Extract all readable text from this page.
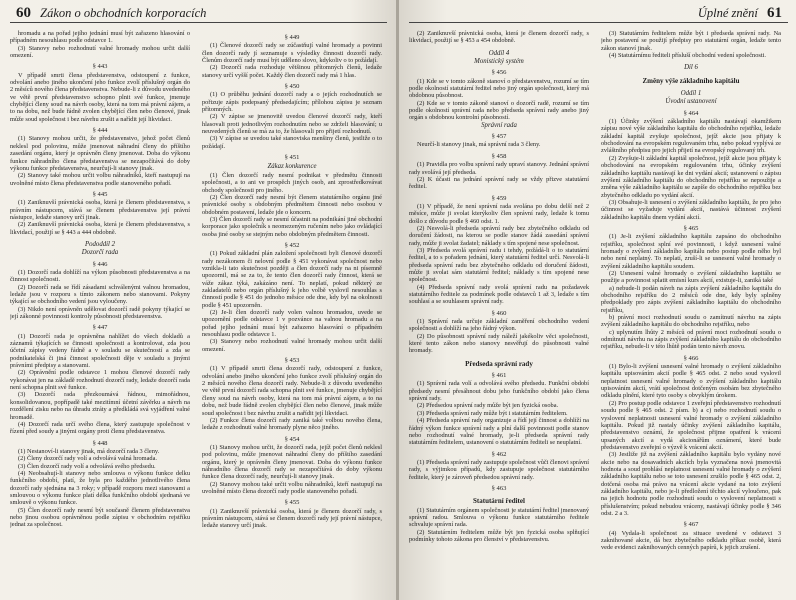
60 Zákon o obchodních korporacích

hromadu a na pořad jejího jednání musí být zařazeno hlasování o případném nesouhlasu podle odstavce 1.

(3) Stanovy nebo rozhodnutí valné hromady mohou určit další omezení.

§ 443

V případě smrti člena představenstva, odstoupení z funkce, odvolání anebo jiného ukončení jeho funkce zvolí příslušný orgán do 2 měsíců nového člena představenstva. Nebude-li z důvodu uvedeného ve větě první představenstvo schopno plnit své funkce, jmenuje chybějící členy soud na návrh osoby, která na tom má právní zájem, a to na dobu, než bude řádně zvolen chybějící člen nebo členové, jinak může soud společnost i bez návrhu zrušit a nařídit její likvidaci.

§ 444

(1) Stanovy mohou určit, že představenstvo, jehož počet členů neklesl pod polovinu, může jmenovat náhradní členy do příštího zasedání orgánu, který je oprávněn členy jmenovat. Doba do výkonu funkce náhradního člena představenstva se nezapočítává do doby výkonu funkce představenstva, neurčují-li stanovy jinak.

(2) Stanovy také mohou určit volbu náhradníků, kteří nastupují na uvolněné místo člena představenstva podle stanoveného pořadí.

§ 445

(1) Zaniknuvší právnická osoba, která je členem představenstva, s právním nástupcem, stává se členem představenstva její právní nástupce, ledaže stanovy určí jinak.

(2) Zaniknuvší právnická osoba, která je členem představenstva, s likvidací, použijí se § 443 a 444 obdobně.

Pododdíl 2

Dozorčí rada

§ 446

(1) Dozorčí rada dohlíží na výkon působnosti představenstva a na činnost společnosti.

(2) Dozorčí rada se řídí zásadami schválenými valnou hromadou, ledaže jsou v rozporu s tímto zákonem nebo stanovami. Pokyny týkající se obchodního vedení jsou vyloučeny.

(3) Nikdo není oprávněn udělovat dozorčí radě pokyny týkající se její zákonné povinnosti kontroly působnosti představenstva.

§ 447

(1) Dozorčí rada je oprávněna nahlížet do všech dokladů a záznamů týkajících se činnosti společnosti a kontrolovat, zda jsou účetní zápisy vedeny řádně a v souladu se skutečností a zda se podnikatelská či jiná činnost společnosti děje v souladu s jinými právními předpisy a stanovami.

(2) Oprávnění podle odstavce 1 mohou členové dozorčí rady vykonávat jen na základě rozhodnutí dozorčí rady, ledaže dozorčí rada není schopna plnit své funkce.

(3) Dozorčí rada přezkoumává řádnou, mimořádnou, konsolidovanou, popřípadě také mezitímní účetní závěrku a návrh na rozdělení zisku nebo na úhradu ztráty a předkládá svá vyjádření valné hromadě.

(4) Dozorčí rada určí svého člena, který zastupuje společnost v řízení před soudy a jinými orgány proti členu představenstva.

§ 448

(1) Nestanoví-li stanovy jinak, má dozorčí rada 3 členy.

(2) Členy dozorčí rady volí a odvolává valná hromada.

(3) Člen dozorčí rady volí a odvolává svého předsedu.

(4) Neobsahují-li stanovy nebo smlouva o výkonu funkce delku funkčního období, platí, že byla pro každého jednotlivého člena dozorčí rady sjednána na 3 roky; v případě rozporu mezi stanovami a smlouvou o výkonu funkce platí délka funkčního období sjednaná ve smlouvě o výkonu funkce.

(5) Člen dozorčí rady nesmí být současně členem představenstva nebo jinou osobou oprávněnou podle zápisu v obchodním rejstříku jednat za společnost.

§ 449

(1) Členové dozorčí rady se zúčastňují valné hromady a povinni člen dozorčí rady jí seznamuje s výsledky činnosti dozorčí rady. Členům dozorčí rady musí být uděleno slovo, kdykoliv o to požádají.

(2) Dozorčí rada rozhoduje většinou přítomných členů, ledaže stanovy určí vyšší počet. Každý člen dozorčí rady má 1 hlas.

§ 450

(1) O průběhu jednání dozorčí rady a o jejích rozhodnutích se pořizuje zápis podepsaný předsedajícím; přílohou zápisu je seznam přítomných.

(2) V zápise se jmenovitě uvedou členové dozorčí rady, kteří hlasovali proti jednotlivým rozhodnutím nebo se zdrželi hlasování; u neuvedených členů se má za to, že hlasovali pro přijetí rozhodnutí.

(3) V zápise se uvedou také stanoviska menšiny členů, jestliže o to požádají.

§ 451

Zákaz konkurence

(1) Člen dozorčí rady nesmí podnikat v předmětu činnosti společnosti, a to ani ve prospěch jiných osob, ani zprostředkovávat obchody společnosti pro jiného.

(2) Člen dozorčí rady nesmí být členem statutárního orgánu jiné právnické osoby s obdobným předmětem činnosti nebo osobou v obdobném postavení, ledaže jde o koncern.

(3) Člen dozorčí rady se nesmí účastnit na podnikání jiné obchodní korporace jako společník s neomezeným ručením nebo jako ovládající osoba jiné osoby se stejným nebo obdobným předmětem činnosti.

§ 452

(1) Pokud základní plán založení společnosti byli členové dozorčí rady nezákonem či nelovní podle § 451 vykonávat společnost nebo vznikla-li tato skutečnost později a člen dozorčí rady na ni písemně upozornil, má se za to, že tento člen dozorčí rady činnost, která se váže zákaz týká, zakázáno není. To neplatí, pokud některý ze zakladatelů nebo orgán příslušný k jeho volbě vyslovil nesouhlas s činností podle § 451 do jednoho měsíce ode dne, kdy byl na okolnosti podle § 451 upozorněn.

(2) Je-li člen dozorčí rady volen valnou hromadou, uvede se upozornění podle odstavce 1 v pozvánce na valnou hromadu a na pořad jejího jednání musí být zařazeno hlasování o případném nesouhlasu podle odstavce 1.

(3) Stanovy nebo rozhodnutí valné hromady mohou určit další omezení.

§ 453

(1) V případě smrti člena dozorčí rady, odstoupení z funkce, odvolání anebo jiného ukončení jeho funkce zvolí příslušný orgán do 2 měsíců nového člena dozorčí rady. Nebude-li z důvodu uvedeného ve větě první dozorčí rada schopna plnit své funkce, jmenuje chybějící členy soud na návrh osoby, která na tom má právní zájem, a to na dobu, než bude řádně zvolen chybějící člen nebo členové, jinak může soud společnost i bez návrhu zrušit a nařídit její likvidaci.

(2) Funkce člena dozorčí rady zaniká také volbou nového člena, ledaže z rozhodnutí valné hromady plyne něco jiného.

§ 454

(1) Stanovy mohou určit, že dozorčí rada, jejíž počet členů neklesl pod polovinu, může jmenovat náhradní členy do příštího zasedání orgánu, který je oprávněn členy jmenovat. Doba do výkonu funkce náhradního člena dozorčí rady se nezapočítává do doby výkonu funkce člena dozorčí rady, neurčují-li stanovy jinak.

(2) Stanovy mohou také určit volbu náhradníků, kteří nastupují na uvolněné místo člena dozorčí rady podle stanoveného pořadí.

§ 455

(1) Zaniknuvší právnická osoba, která je členem dozorčí rady, s právním nástupcem, stává se členem dozorčí rady její právní nástupce, ledaže stanovy určí jinak.

Úplné znění 61

(2) Zaniknuvší právnická osoba, která je členem dozorčí rady, s likvidací, použijí se § 453 a 454 obdobně.

Oddíl 4

Monistický systém

§ 456

(1) Kde se v tomto zákoně stanoví o představenstvu, rozumí se tím podle okolností statutární ředitel nebo jiný orgán společnosti, který má obdobnou působnost.

(2) Kde se v tomto zákoně stanoví o dozorčí radě, rozumí se tím podle okolností správní rada nebo předseda správní rady anebo jiný orgán s obdobnou kontrolní působností.

Správní rada

§ 457

Neurčí-li stanovy jinak, má správní rada 3 členy.

§ 458

(1) Pravidla pro volbu správní rady upraví stanovy. Jednání správní rady svolává její předseda.

(2) K účasti na jednání správní rady se vždy přizve statutární ředitel.

§ 459

(1) V případě, že není správní rada svolána po dobu delší než 2 měsíce, může ji svolat kterýkoliv člen správní rady, ledaže k tomu došlo z důvodu podle § 460 odst. 1.

(2) Nesvolá-li předseda správní rady bez zbytečného odkladu od doručení žádosti, na kterou se podle stanov žádá zasedání správní rady, může ji svolat žadatel; náklady s tím spojené nese společnost.

(3) Předseda svolá správní radu i tehdy, požádá-li o to statutární ředitel, a to s pořadem jednání, který statutární ředitel určí. Nesvolá-li předseda správní radu bez zbytečného odkladu od doručení žádosti, může ji svolat sám statutární ředitel; náklady s tím spojené nese společnost.

(4) Předseda správní rady svolá správní radu na požadavek statutárního ředitele za podmínek podle odstavců 1 až 3, ledaže s tím souhlasí a se souhlasem správní rady.

§ 460

(1) Správní rada určuje základní zaměření obchodního vedení společnosti a dohlíží na jeho řádný výkon.

(2) Do působnosti správní rady náleží jakékoliv věci společnosti, které tento zákon nebo stanovy nesvěřují do působnosti valné hromady.

Předseda správní rady

§ 461

(1) Správní rada volí a odvolává svého předsedu. Funkční období předsedy nesmí přesáhnout dobu jeho funkčního období jako člena správní rady.

(2) Předsedou správní rady může být jen fyzická osoba.

(3) Předseda správní rady může být i statutárním ředitelem.

(4) Předseda správní rady organizuje a řídí její činnost a dohlíží na řádný výkon funkce správní rady a plní další povinnosti podle stanov nebo rozhodnutí valné hromady, je-li předseda správní rady statutárním ředitelem, ustanovení o statutárním řediteli se neuplatní.

§ 462

(1) Předseda správní rady zastupuje společnost vůči členovi správní rady, s výjimkou případů, kdy zastupuje společnost statutárního ředitele, který je zároveň předsedou správní rady.

§ 463

Statutární ředitel

(1) Statutárním orgánem společnosti je statutární ředitel jmenovaný správní radou. Smlouva o výkonu funkce statutárního ředitele schvaluje správní rada.

(2) Statutárním ředitelem může být jen fyzická osoba splňující podmínky tohoto zákona pro členství v představenstvu.

(3) Statutárním ředitelem může být i předseda správní rady. Na jeho postavení se použijí předpisy pro statutární orgán, ledaže tento zákon stanoví jinak.

(4) Statutárnímu řediteli přísluší obchodní vedení společnosti.

Díl 6

Změny výše základního kapitálu

Oddíl 1

Úvodní ustanovení

§ 464

(1) Účinky zvýšení základního kapitálu nastávají okamžikem zápisu nové výše základního kapitálu do obchodního rejstříku, ledaže základní kapitál zvyšuje společnost, jejíž akcie jsou přijaty k obchodování na evropském regulovaném trhu, nebo pokud vyplývá ze zvláštního předpisu pro jejich přijetí na evropský regulovaný trh.

(2) Zvyšuje-li základní kapitál společnost, jejíž akcie jsou přijaty k obchodování na evropském regulovaném trhu, účinky zvýšení základního kapitálu nastávají ke dni vydání akcií; ustanovení o zápisu zvýšení základního kapitálu do obchodního rejstříku se nepoužije a změna výše základního kapitálu se zapíše do obchodního rejstříku bez zbytečného odkladu po vydání akcií.

(3) Obsahuje-li usnesení o zvýšení základního kapitálu, že pro jeho účinnost se vyžaduje vydání akcií, nastává účinnost zvýšení základního kapitálu dnem vydání akcií.

§ 465

(1) Je-li zvýšení základního kapitálu zapsáno do obchodního rejstříku, společnost splní své povinnosti, i když usnesení valné hromady o zvýšení základního kapitálu nebo postup podle něho byl nebo není neplatný. To neplatí, zruší-li se usnesení valné hromady o zvýšení základního kapitálu soudem.

(2) Usnesení valné hromady o zvýšení základního kapitálu se použije a povinnost splatit emisní kurs akcií, existuje-li, zaniká také

a) nebude-li podán návrh na zápis zvýšení základního kapitálu do obchodního rejstříku do 2 měsíců ode dne, kdy byly splněny předpoklady pro zápis zvýšení základního kapitálu do obchodního rejstříku,

b) právní moci rozhodnutí soudu o zamítnutí návrhu na zápis zvýšení základního kapitálu do obchodního rejstříku, nebo

c) uplynutím lhůty 2 měsíců od právní moci rozhodnutí soudu o odmítnutí návrhu na zápis zvýšení základního kapitálu do obchodního rejstříku, nebude-li v této lhůtě podán tento návrh znovu.

§ 466

(1) Bylo-li zvýšení usnesení valné hromady o zvýšení základního kapitálu upisováním akcií podle § 465 odst. 2 nebo soud vyslovil neplatnost usnesení valné hromady o zvýšení základního kapitálu upisováním akcií, vrátí společnost dotčeným osobám bez zbytečného odkladu plnění, které tyto osoby s obvyklým úrokem.

(2) Pro postup podle odstavce 1 zveřejní představenstvo rozhodnutí soudu podle § 465 odst. 2 písm. b) a c) nebo rozhodnutí soudu o vyslovení neplatnosti usnesení valné hromady o zvýšení základního kapitálu. Pokud již nastaly účinky zvýšení základního kapitálu, představenstvo oznámí, že společnost přijme opatření k vrácení upsaných akcií a vydá akcionářům oznámení, které bude představenstvo zveřejní o výzvě k vrácení akcií.

(3) Jestliže již na zvýšení základního kapitálu bylo vydány nové akcie nebo na dosavadních akciích byla vyznačena nová jmenovitá hodnota a soud prohlásí neplatnost usnesení valné hromady o zvýšení základního kapitálu nebo se toto usnesení zrušilo podle § 465 odst. 2, dotčená osoba má právo na vrácení akcie vydané na toto zvýšení základního kapitálu, nebo je-li předložení těchto akcií vyloučeno, pak na jejich hodnotu podle rozhodnutí soudu o vyslovení neplatnosti s příslušenstvím; pokud nebudou vráceny, nastávají účinky podle § 346 odst. 2 a 3.

§ 467

(4) Vydala-li společnost za situace uvedené v odstavci 3 zaknihované akcie, dá bez zbytečného odkladu příkaz osobě, která vede evidenci zaknihovaných cenných papírů, k jejich zrušení.
